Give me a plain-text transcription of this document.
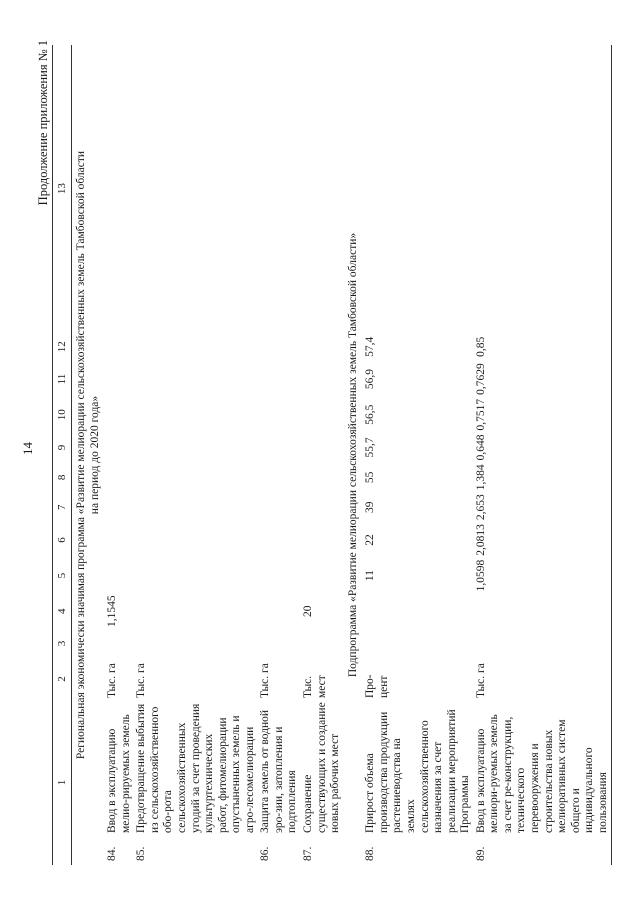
14
Продолжение приложения № 1
1		2	3	4	5	6	7	8	9	10	11	12	13

Региональная экономически значимая программа «Развитие мелиорации сельскохозяйственных земель Тамбовской области на период до 2020 года»													

84.	Ввод в эксплуатацию мелио-рируемых земель	Тыс. га		1,1545									
85.	Предотвращение выбытия из сельскохозяйственного обо-рота сельскохозяйственных угодий за счет проведения культуртехнических работ, фитомелиорации опустыненных земель и агро-лесомелиорации	Тыс. га											
86.	Защита земель от водной эро-зии, затопления и подтопления	Тыс. га											
87.	Сохранение существующих и создание новых рабочих мест	Тыс. мест		20									
Подпрограмма «Развитие мелиорации сельскохозяйственных земель Тамбовской области»													
88.	Прирост объема производства продукции растениеводства на землях сельскохозяйственного назначения за счет реализации мероприятий Программы	Про-цент			11	22	39	55	55,7	56,5	56,9	57,4	
89.	Ввод в эксплуатацию мелиори-руемых земель за счет ре-конструкции, технического перевооружения и строительства новых мелиоративных систем общего и индивидуального пользования	Тыс. га			1,0598	2,0813	2,653	1,384	0,648	0,7517	0,7629	0,85	
